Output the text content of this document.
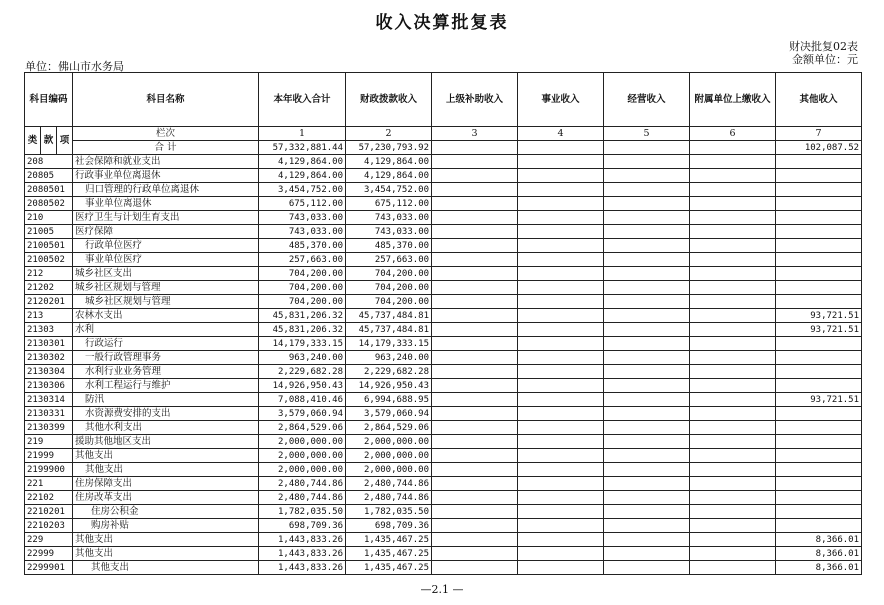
收入决算批复表
单位：佛山市水务局
财决批复02表
金额单位：元
科目编码			科目名称	本年收入合计	财政拨款收入	上级补助收入	事业收入	经营收入	附属单位上缴收入	其他收入
类	款	项	栏次	1	2	3	4	5	6	7
			合 计	57,332,881.44	57,230,793.92					102,087.52
208			社会保障和就业支出	4,129,864.00	4,129,864.00					
20805			行政事业单位离退休	4,129,864.00	4,129,864.00					
2080501			归口管理的行政单位离退休	3,454,752.00	3,454,752.00					
2080502			事业单位离退休	675,112.00	675,112.00					
210			医疗卫生与计划生育支出	743,033.00	743,033.00					
21005			医疗保障	743,033.00	743,033.00					
2100501			行政单位医疗	485,370.00	485,370.00					
2100502			事业单位医疗	257,663.00	257,663.00					
212			城乡社区支出	704,200.00	704,200.00					
21202			城乡社区规划与管理	704,200.00	704,200.00					
2120201			城乡社区规划与管理	704,200.00	704,200.00					
213			农林水支出	45,831,206.32	45,737,484.81					93,721.51
21303			水利	45,831,206.32	45,737,484.81					93,721.51
2130301			行政运行	14,179,333.15	14,179,333.15					
2130302			一般行政管理事务	963,240.00	963,240.00					
2130304			水利行业业务管理	2,229,682.28	2,229,682.28					
2130306			水利工程运行与维护	14,926,950.43	14,926,950.43					
2130314			防汛	7,088,410.46	6,994,688.95					93,721.51
2130331			水资源费安排的支出	3,579,060.94	3,579,060.94					
2130399			其他水利支出	2,864,529.06	2,864,529.06					
219			援助其他地区支出	2,000,000.00	2,000,000.00					
21999			其他支出	2,000,000.00	2,000,000.00					
2199900			其他支出	2,000,000.00	2,000,000.00					
221			住房保障支出	2,480,744.86	2,480,744.86					
22102			住房改革支出	2,480,744.86	2,480,744.86					
2210201			住房公积金	1,782,035.50	1,782,035.50					
2210203			购房补贴	698,709.36	698,709.36					
229			其他支出	1,443,833.26	1,435,467.25					8,366.01
22999			其他支出	1,443,833.26	1,435,467.25					8,366.01
2299901			其他支出	1,443,833.26	1,435,467.25					8,366.01
—2.1 —
